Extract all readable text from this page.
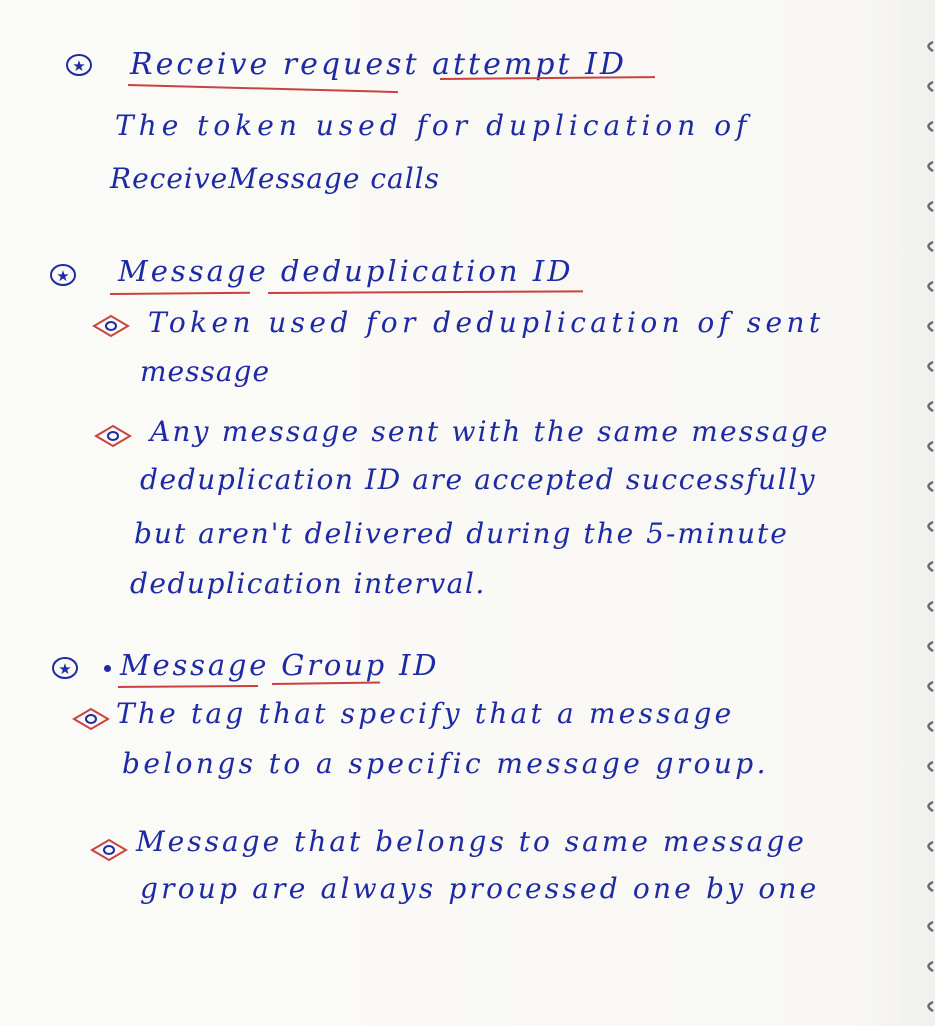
★ Receive request attempt ID
The token used for duplication of
ReceiveMessage calls
★ Message deduplication ID
Token used for deduplication of sent
message
Any message sent with the same message
deduplication ID are accepted successfully
but aren't delivered during the 5-minute
deduplication interval.
★ Message Group ID
The tag that specify that a message
belongs to a specific message group.
Message that belongs to same message
group are always processed one by one
